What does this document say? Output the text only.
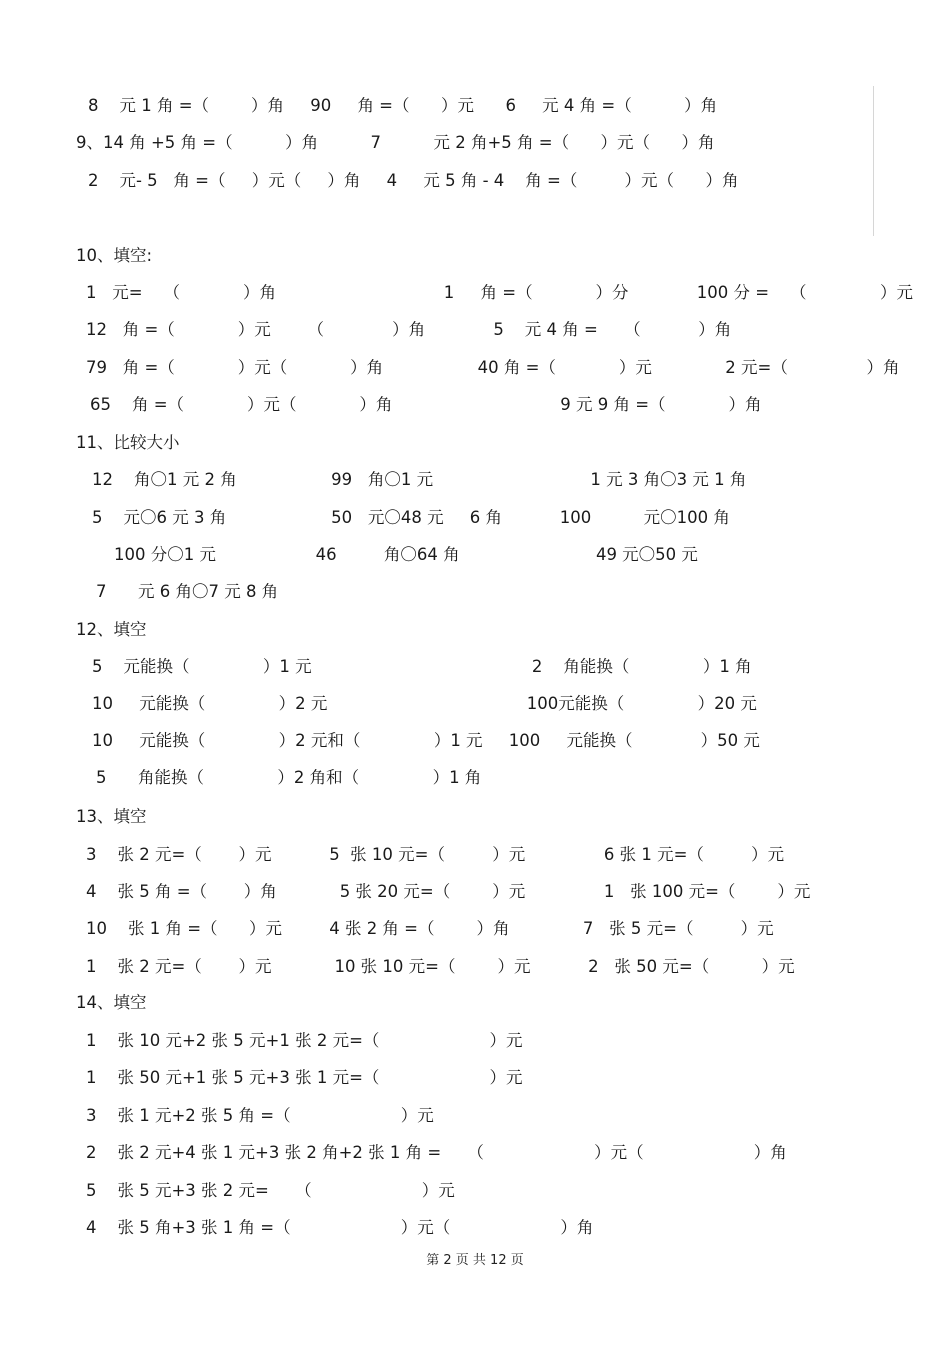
8    元 1 角 =（        ）角     90     角 =（      ）元      6     元 4 角 =（          ）角
9、14 角 +5 角 =（          ）角          7          元 2 角+5 角 =（      ）元（      ）角
2    元- 5   角 =（     ）元（     ）角     4     元 5 角 - 4    角 =（         ）元（      ）角
10、填空:
1   元=    （            ）角                                1     角 =（            ）分             100 分 =    （              ）元
12   角 =（            ）元       （             ）角             5    元 4 角 =     （           ）角
79   角 =（            ）元（            ）角                  40 角 =（            ）元              2 元=（               ）角
65    角 =（            ）元（            ）角                                9 元 9 角 =（            ）角
11、比较大小
12    角〇1 元 2 角                  99   角〇1 元                              1 元 3 角〇3 元 1 角
5    元〇6 元 3 角                    50   元〇48 元     6 角           100          元〇100 角
100 分〇1 元                   46         角〇64 角                          49 元〇50 元
7      元 6 角〇7 元 8 角
12、填空
5    元能换（              ）1 元                                          2    角能换（              ）1 角
10     元能换（              ）2 元                                      100元能换（              ）20 元
10     元能换（              ）2 元和（              ）1 元     100     元能换（             ）50 元
5      角能换（              ）2 角和（              ）1 角
13、填空
3    张 2 元=（       ）元           5  张 10 元=（         ）元               6 张 1 元=（         ）元
4    张 5 角 =（       ）角            5 张 20 元=（        ）元               1   张 100 元=（        ）元
10    张 1 角 =（      ）元         4 张 2 角 =（        ）角              7   张 5 元=（         ）元
1    张 2 元=（       ）元            10 张 10 元=（        ）元           2   张 50 元=（          ）元
14、填空
1    张 10 元+2 张 5 元+1 张 2 元=（                     ）元
1    张 50 元+1 张 5 元+3 张 1 元=（                     ）元
3    张 1 元+2 张 5 角 =（                     ）元
2    张 2 元+4 张 1 元+3 张 2 角+2 张 1 角 =     （                     ）元（                     ）角
5    张 5 元+3 张 2 元=     （                     ）元
4    张 5 角+3 张 1 角 =（                     ）元（                     ）角
第 2 页 共 12 页
